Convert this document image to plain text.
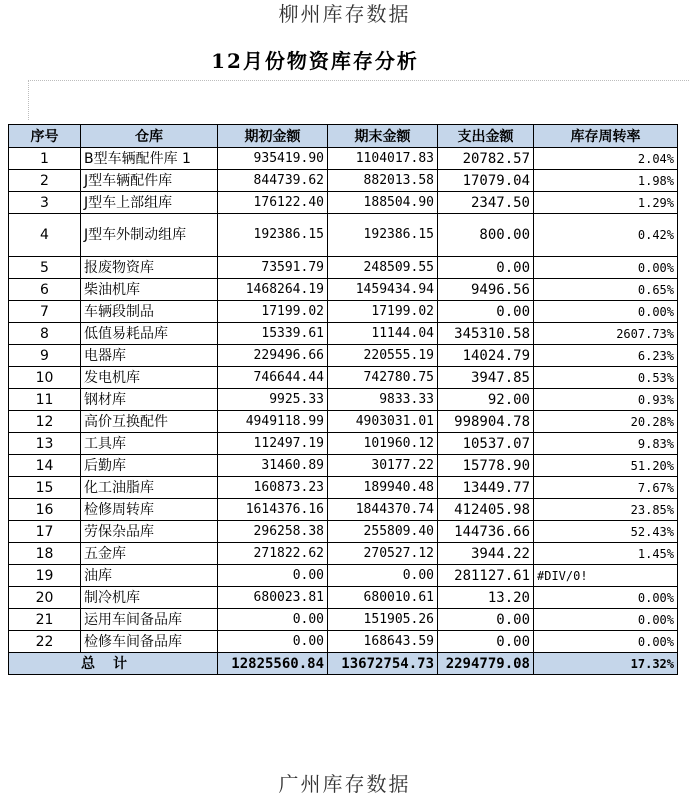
柳州库存数据
12月份物资库存分析
序号	仓库	期初金额	期末金额	支出金额	库存周转率
1	B型车辆配件库 1	935419.90	1104017.83	20782.57	2.04%
2	J型车辆配件库	844739.62	882013.58	17079.04	1.98%
3	J型车上部组库	176122.40	188504.90	2347.50	1.29%
4	J型车外制动组库	192386.15	192386.15	800.00	0.42%
5	报废物资库	73591.79	248509.55	0.00	0.00%
6	柴油机库	1468264.19	1459434.94	9496.56	0.65%
7	车辆段制品	17199.02	17199.02	0.00	0.00%
8	低值易耗品库	15339.61	11144.04	345310.58	2607.73%
9	电器库	229496.66	220555.19	14024.79	6.23%
10	发电机库	746644.44	742780.75	3947.85	0.53%
11	钢材库	9925.33	9833.33	92.00	0.93%
12	高价互换配件	4949118.99	4903031.01	998904.78	20.28%
13	工具库	112497.19	101960.12	10537.07	9.83%
14	后勤库	31460.89	30177.22	15778.90	51.20%
15	化工油脂库	160873.23	189940.48	13449.77	7.67%
16	检修周转库	1614376.16	1844370.74	412405.98	23.85%
17	劳保杂品库	296258.38	255809.40	144736.66	52.43%
18	五金库	271822.62	270527.12	3944.22	1.45%
19	油库	0.00	0.00	281127.61	#DIV/0!
20	制冷机库	680023.81	680010.61	13.20	0.00%
21	运用车间备品库	0.00	151905.26	0.00	0.00%
22	检修车间备品库	0.00	168643.59	0.00	0.00%
总计		12825560.84	13672754.73	2294779.08	17.32%
广州库存数据
